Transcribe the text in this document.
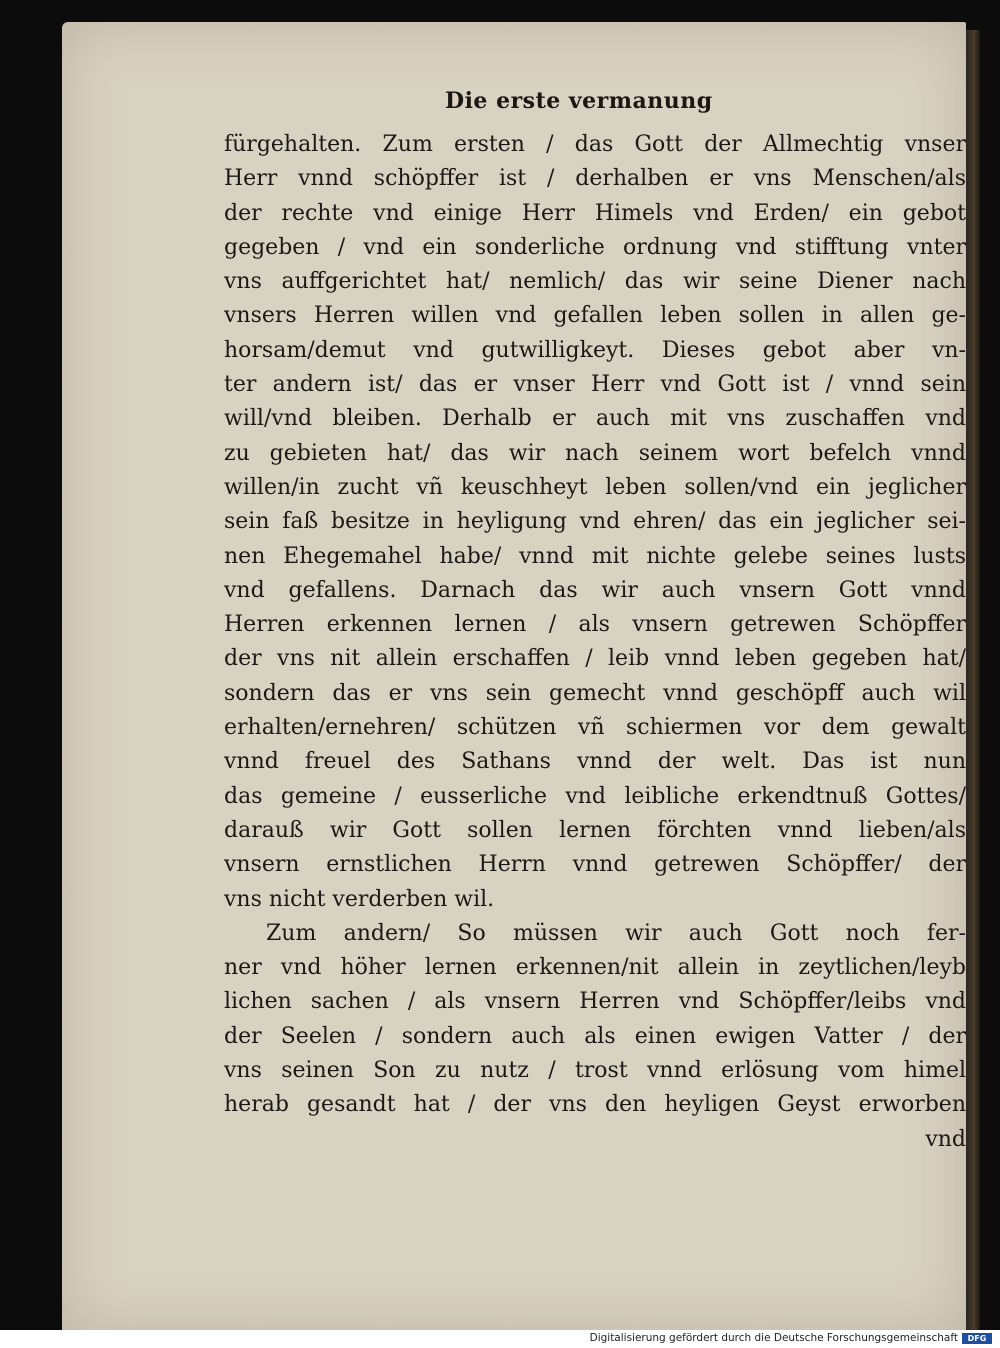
Die erste vermanung
fürgehalten. Zum ersten / das Gott der Allmechtig vnser
Herr vnnd schöpffer ist / derhalben er vns Menschen/als
der rechte vnd einige Herr Himels vnd Erden/ ein gebot
gegeben / vnd ein sonderliche ordnung vnd stifftung vnter
vns auffgerichtet hat/ nemlich/ das wir seine Diener nach
vnsers Herren willen vnd gefallen leben sollen in allen ge-
horsam/demut vnd gutwilligkeyt. Dieses gebot aber vn-
ter andern ist/ das er vnser Herr vnd Gott ist / vnnd sein
will/vnd bleiben. Derhalb er auch mit vns zuschaffen vnd
zu gebieten hat/ das wir nach seinem wort befelch vnnd
willen/in zucht vñ keuschheyt leben sollen/vnd ein jeglicher
sein faß besitze in heyligung vnd ehren/ das ein jeglicher sei-
nen Ehegemahel habe/ vnnd mit nichte gelebe seines lusts
vnd gefallens. Darnach das wir auch vnsern Gott vnnd
Herren erkennen lernen / als vnsern getrewen Schöpffer
der vns nit allein erschaffen / leib vnnd leben gegeben hat/
sondern das er vns sein gemecht vnnd geschöpff auch wil
erhalten/ernehren/ schützen vñ schiermen vor dem gewalt
vnnd freuel des Sathans vnnd der welt. Das ist nun
das gemeine / eusserliche vnd leibliche erkendtnuß Gottes/
darauß wir Gott sollen lernen förchten vnnd lieben/als
vnsern ernstlichen Herrn vnnd getrewen Schöpffer/ der
vns nicht verderben wil.
Zum andern/ So müssen wir auch Gott noch fer-
ner vnd höher lernen erkennen/nit allein in zeytlichen/leyb
lichen sachen / als vnsern Herren vnd Schöpffer/leibs vnd
der Seelen / sondern auch als einen ewigen Vatter / der
vns seinen Son zu nutz / trost vnnd erlösung vom himel
herab gesandt hat / der vns den heyligen Geyst erworben
vnd
Digitalisierung gefördert durch die Deutsche Forschungsgemeinschaft	DFG
